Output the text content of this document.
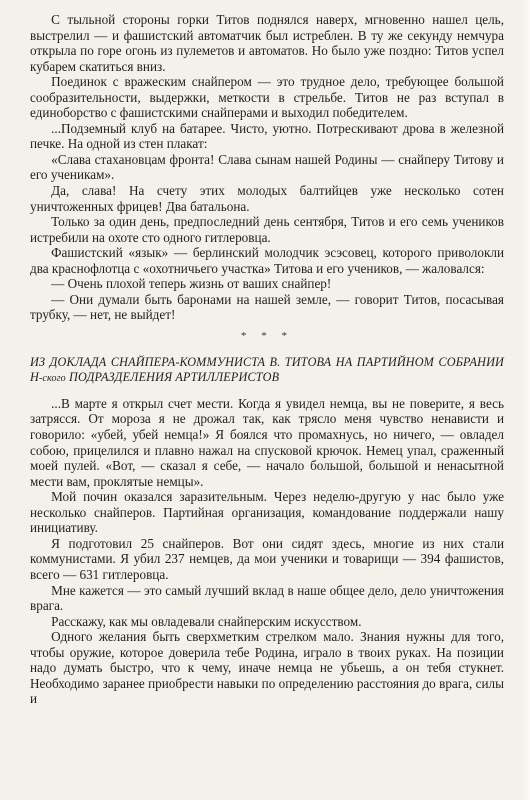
С тыльной стороны горки Титов поднялся наверх, мгновенно нашел цель, выстрелил — и фашистский автоматчик был истреблен. В ту же секунду немчура открыла по горе огонь из пулеметов и автоматов. Но было уже поздно: Титов успел кубарем скатиться вниз.

Поединок с вражеским снайпером — это трудное дело, требующее большой сообразительности, выдержки, меткости в стрельбе. Титов не раз вступал в единоборство с фашистскими снайперами и выходил победителем.

...Подземный клуб на батарее. Чисто, уютно. Потрескивают дрова в железной печке. На одной из стен плакат:

«Слава стахановцам фронта! Слава сынам нашей Родины — снайперу Титову и его ученикам».

Да, слава! На счету этих молодых балтийцев уже несколько сотен уничтоженных фрицев! Два батальона.

Только за один день, предпоследний день сентября, Титов и его семь учеников истребили на охоте сто одного гитлеровца.

Фашистский «язык» — берлинский молодчик эсэсовец, которого приволокли два краснофлотца с «охотничьего участка» Титова и его учеников, — жаловался:

— Очень плохой теперь жизнь от ваших снайпер!

— Они думали быть баронами на нашей земле, — говорит Титов, посасывая трубку, — нет, не выйдет!

* * *
ИЗ ДОКЛАДА СНАЙПЕРА-КОММУНИСТА В. ТИТОВА НА ПАРТИЙНОМ СОБРАНИИ Н-ского ПОДРАЗДЕЛЕНИЯ АРТИЛЛЕРИСТОВ

...В марте я открыл счет мести. Когда я увидел немца, вы не поверите, я весь затрясся. От мороза я не дрожал так, как трясло меня чувство ненависти и говорило: «убей, убей немца!» Я боялся что промахнусь, но ничего, — овладел собою, прицелился и плавно нажал на спусковой крючок. Немец упал, сраженный моей пулей. «Вот, — сказал я себе, — начало большой, большой и ненасытной мести вам, проклятые немцы».

Мой почин оказался заразительным. Через неделю-другую у нас было уже несколько снайперов. Партийная организация, командование поддержали нашу инициативу.

Я подготовил 25 снайперов. Вот они сидят здесь, многие из них стали коммунистами. Я убил 237 немцев, да мои ученики и товарищи — 394 фашистов, всего — 631 гитлеровца.

Мне кажется — это самый лучший вклад в наше общее дело, дело уничтожения врага.

Расскажу, как мы овладевали снайперским искусством.

Одного желания быть сверхметким стрелком мало. Знания нужны для того, чтобы оружие, которое доверила тебе Родина, играло в твоих руках. На позиции надо думать быстро, что к чему, иначе немца не убьешь, а он тебя стукнет. Необходимо заранее приобрести навыки по определению расстояния до врага, силы и
